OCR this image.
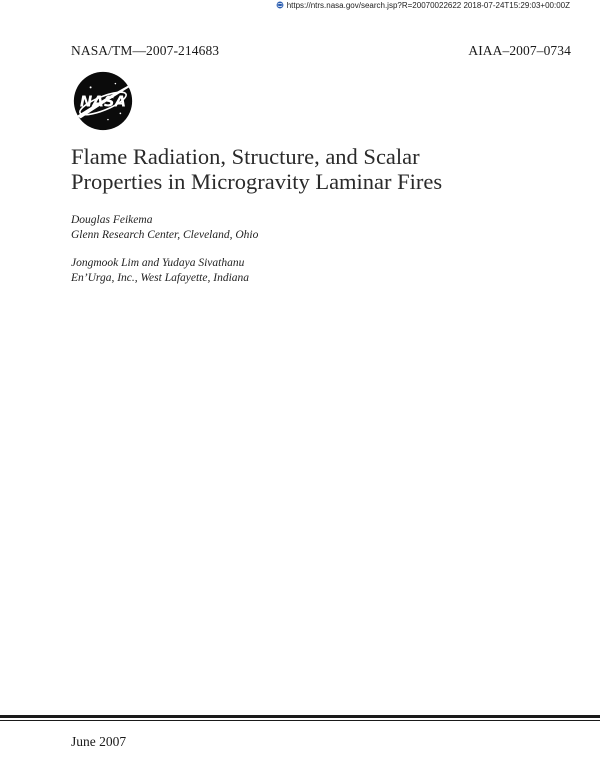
https://ntrs.nasa.gov/search.jsp?R=20070022622 2018-07-24T15:29:03+00:00Z
NASA/TM—2007-214683	AIAA–2007–0734
NASA
Flame Radiation, Structure, and Scalar
Properties in Microgravity Laminar Fires
Douglas Feikema
Glenn Research Center, Cleveland, Ohio
Jongmook Lim and Yudaya Sivathanu
En’Urga, Inc., West Lafayette, Indiana
June 2007
